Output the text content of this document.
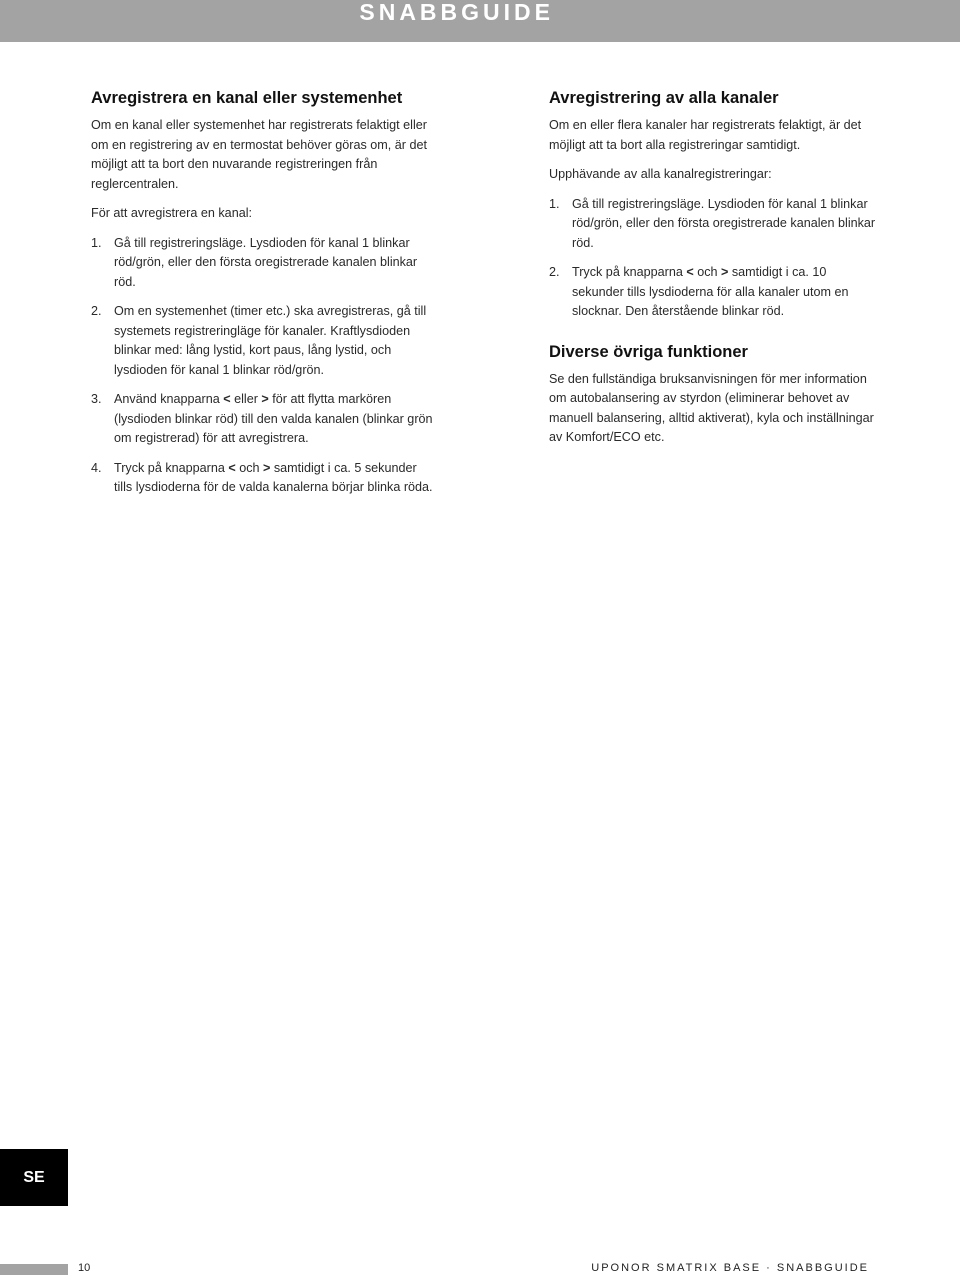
SNABBGUIDE
Avregistrera en kanal eller systemenhet

Om en kanal eller systemenhet har registrerats felaktigt eller om en registrering av en termostat behöver göras om, är det möjligt att ta bort den nuvarande registreringen från reglercentralen.

För att avregistrera en kanal:

1. Gå till registreringsläge. Lysdioden för kanal 1 blinkar röd/grön, eller den första oregistrerade kanalen blinkar röd.
2. Om en systemenhet (timer etc.) ska avregistreras, gå till systemets registreringläge för kanaler. Kraftlysdioden blinkar med: lång lystid, kort paus, lång lystid, och lysdioden för kanal 1 blinkar röd/grön.
3. Använd knapparna < eller > för att flytta markören (lysdioden blinkar röd) till den valda kanalen (blinkar grön om registrerad) för att avregistrera.
4. Tryck på knapparna < och > samtidigt i ca. 5 sekunder tills lysdioderna för de valda kanalerna börjar blinka röda.
Avregistrering av alla kanaler

Om en eller flera kanaler har registrerats felaktigt, är det möjligt att ta bort alla registreringar samtidigt.

Upphävande av alla kanalregistreringar:

1. Gå till registreringsläge. Lysdioden för kanal 1 blinkar röd/grön, eller den första oregistrerade kanalen blinkar röd.
2. Tryck på knapparna < och > samtidigt i ca. 10 sekunder tills lysdioderna för alla kanaler utom en slocknar. Den återstående blinkar röd.
Diverse övriga funktioner

Se den fullständiga bruksanvisningen för mer information om autobalansering av styrdon (eliminerar behovet av manuell balansering, alltid aktiverat), kyla och inställningar av Komfort/ECO etc.

SE
10	UPONOR SMATRIX BASE · SNABBGUIDE
